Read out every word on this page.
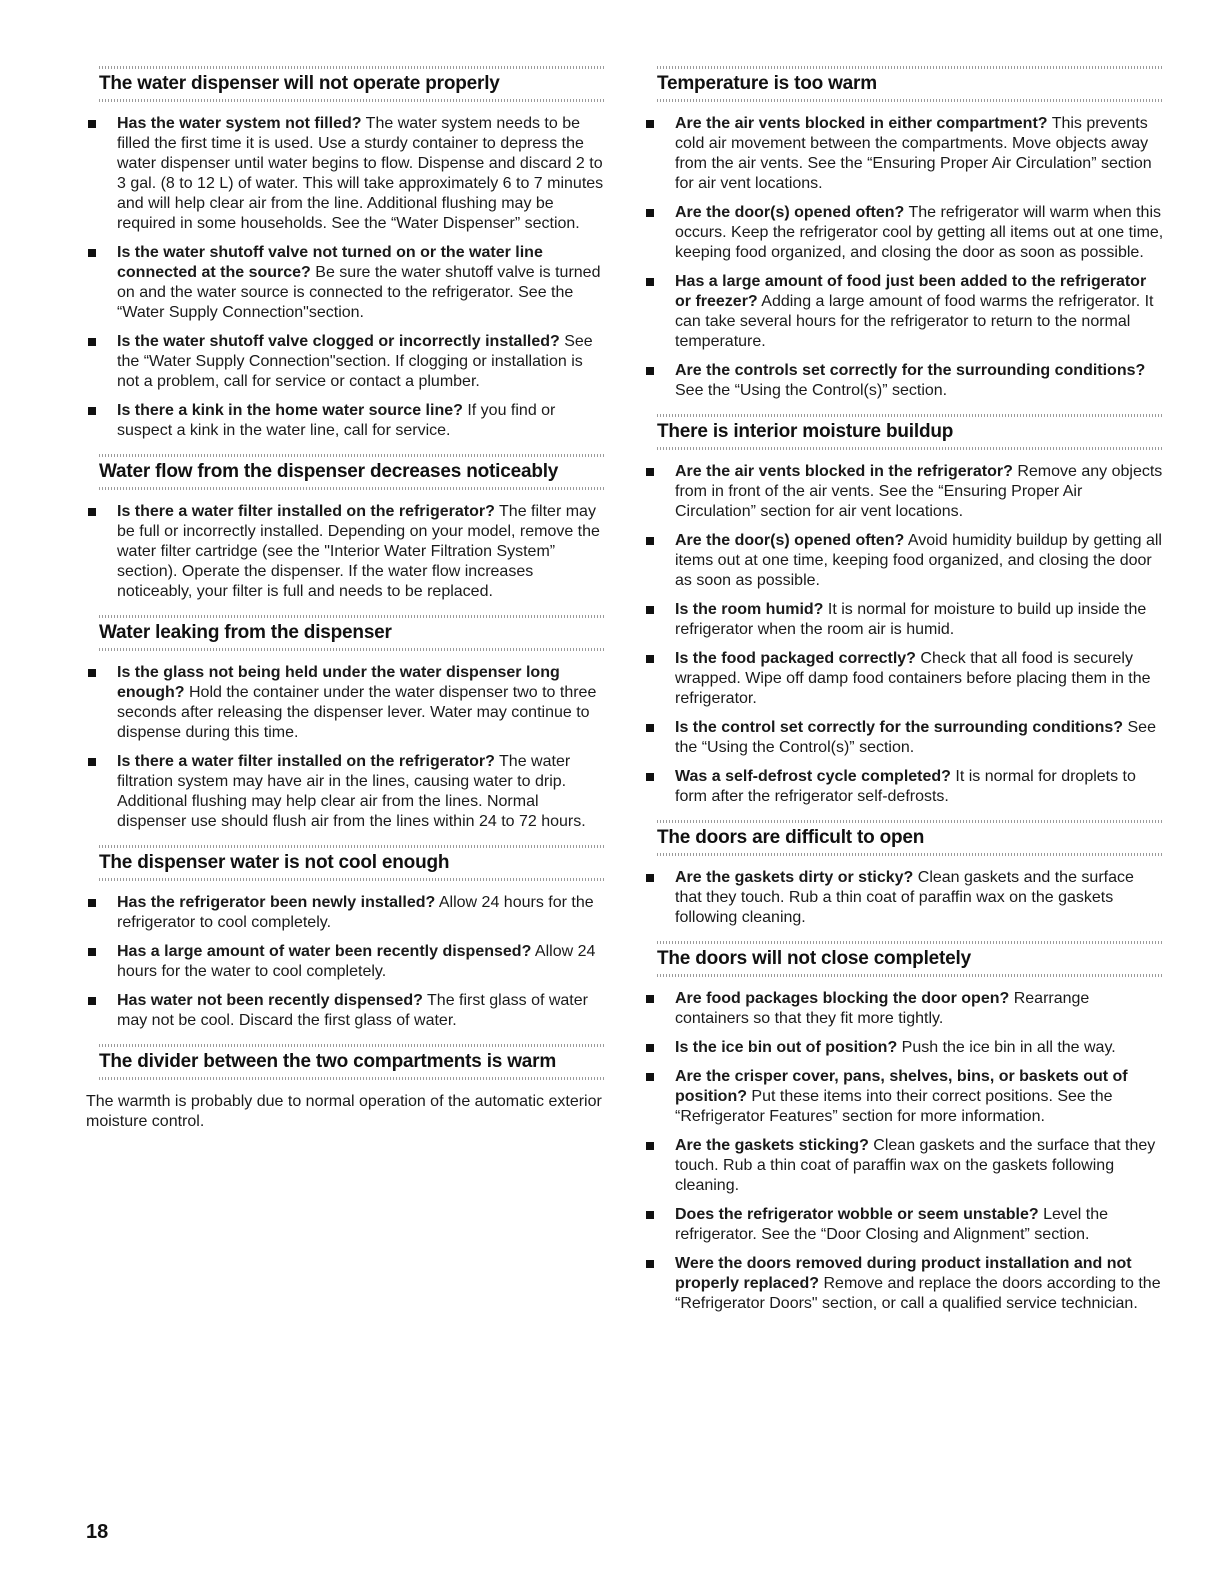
The water dispenser will not operate properly
Has the water system not filled? The water system needs to be filled the first time it is used. Use a sturdy container to depress the water dispenser until water begins to flow. Dispense and discard 2 to 3 gal. (8 to 12 L) of water. This will take approximately 6 to 7 minutes and will help clear air from the line. Additional flushing may be required in some households. See the “Water Dispenser” section.
Is the water shutoff valve not turned on or the water line connected at the source? Be sure the water shutoff valve is turned on and the water source is connected to the refrigerator. See the “Water Supply Connection"section.
Is the water shutoff valve clogged or incorrectly installed? See the “Water Supply Connection"section. If clogging or installation is not a problem, call for service or contact a plumber.
Is there a kink in the home water source line? If you find or suspect a kink in the water line, call for service.
Water flow from the dispenser decreases noticeably
Is there a water filter installed on the refrigerator? The filter may be full or incorrectly installed. Depending on your model, remove the water filter cartridge (see the "Interior Water Filtration System” section). Operate the dispenser. If the water flow increases noticeably, your filter is full and needs to be replaced.
Water leaking from the dispenser
Is the glass not being held under the water dispenser long enough? Hold the container under the water dispenser two to three seconds after releasing the dispenser lever. Water may continue to dispense during this time.
Is there a water filter installed on the refrigerator? The water filtration system may have air in the lines, causing water to drip. Additional flushing may help clear air from the lines. Normal dispenser use should flush air from the lines within 24 to 72 hours.
The dispenser water is not cool enough
Has the refrigerator been newly installed? Allow 24 hours for the refrigerator to cool completely.
Has a large amount of water been recently dispensed? Allow 24 hours for the water to cool completely.
Has water not been recently dispensed? The first glass of water may not be cool. Discard the first glass of water.
The divider between the two compartments is warm

The warmth is probably due to normal operation of the automatic exterior moisture control.

Temperature is too warm
Are the air vents blocked in either compartment? This prevents cold air movement between the compartments. Move objects away from the air vents. See the “Ensuring Proper Air Circulation” section for air vent locations.
Are the door(s) opened often? The refrigerator will warm when this occurs. Keep the refrigerator cool by getting all items out at one time, keeping food organized, and closing the door as soon as possible.
Has a large amount of food just been added to the refrigerator or freezer? Adding a large amount of food warms the refrigerator. It can take several hours for the refrigerator to return to the normal temperature.
Are the controls set correctly for the surrounding conditions? See the “Using the Control(s)” section.
There is interior moisture buildup
Are the air vents blocked in the refrigerator? Remove any objects from in front of the air vents. See the “Ensuring Proper Air Circulation” section for air vent locations.
Are the door(s) opened often? Avoid humidity buildup by getting all items out at one time, keeping food organized, and closing the door as soon as possible.
Is the room humid? It is normal for moisture to build up inside the refrigerator when the room air is humid.
Is the food packaged correctly? Check that all food is securely wrapped. Wipe off damp food containers before placing them in the refrigerator.
Is the control set correctly for the surrounding conditions? See the “Using the Control(s)” section.
Was a self-defrost cycle completed? It is normal for droplets to form after the refrigerator self-defrosts.
The doors are difficult to open
Are the gaskets dirty or sticky? Clean gaskets and the surface that they touch. Rub a thin coat of paraffin wax on the gaskets following cleaning.
The doors will not close completely
Are food packages blocking the door open? Rearrange containers so that they fit more tightly.
Is the ice bin out of position? Push the ice bin in all the way.
Are the crisper cover, pans, shelves, bins, or baskets out of position? Put these items into their correct positions. See the “Refrigerator Features” section for more information.
Are the gaskets sticking? Clean gaskets and the surface that they touch. Rub a thin coat of paraffin wax on the gaskets following cleaning.
Does the refrigerator wobble or seem unstable? Level the refrigerator. See the “Door Closing and Alignment” section.
Were the doors removed during product installation and not properly replaced? Remove and replace the doors according to the “Refrigerator Doors" section, or call a qualified service technician.
18
